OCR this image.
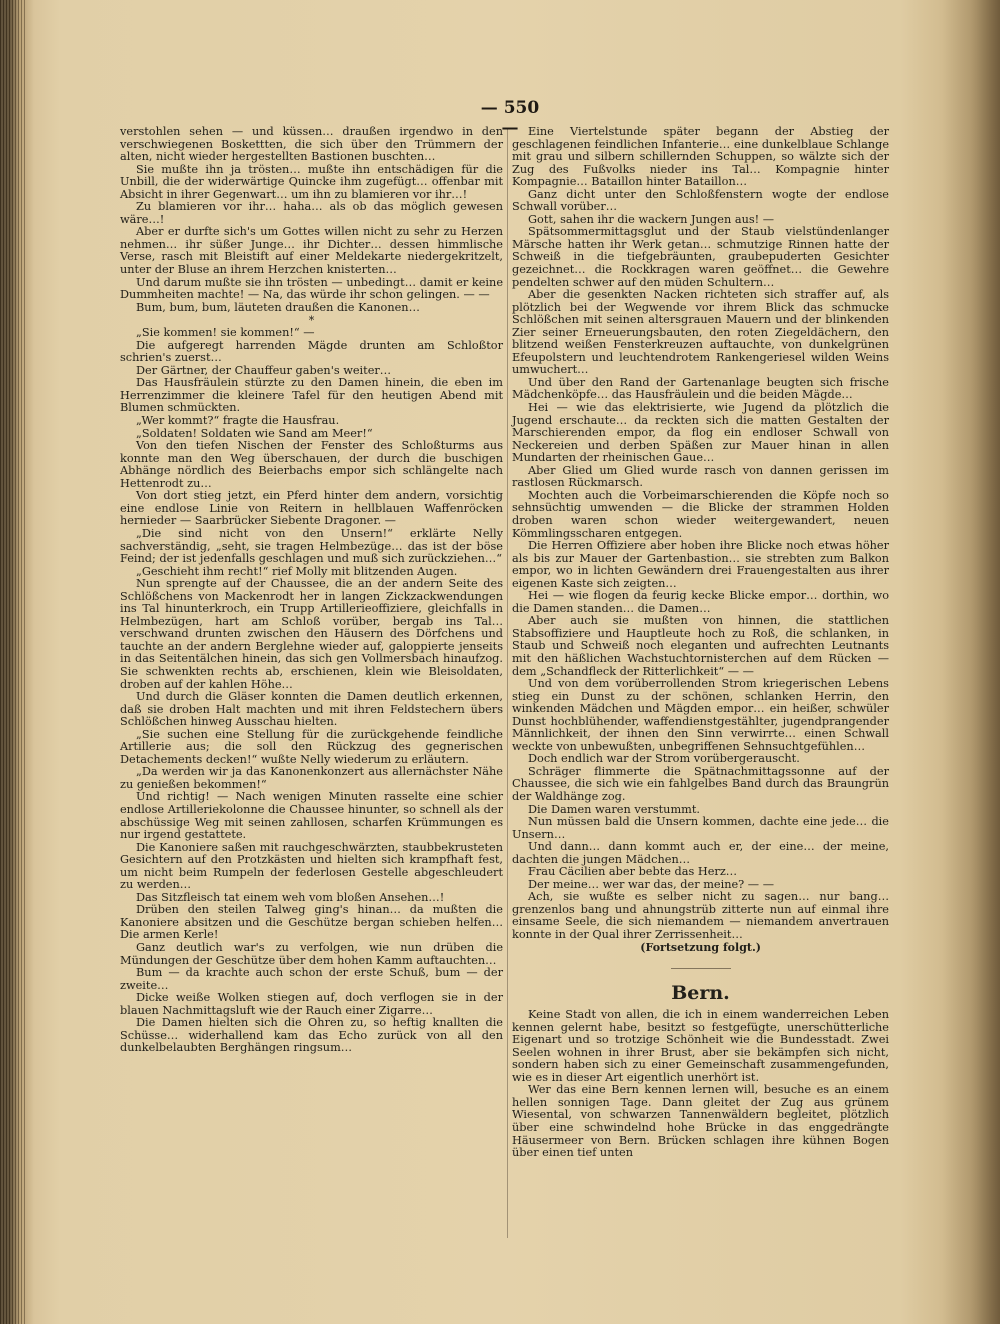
— 550 —

verstohlen sehen — und küssen… draußen irgendwo in den verschwiegenen Boskettten, die sich über den Trümmern der alten, nicht wieder hergestellten Bastionen buschten…

Sie mußte ihn ja trösten… mußte ihn entschädigen für die Unbill, die der widerwärtige Quincke ihm zugefügt… offenbar mit Absicht in ihrer Gegenwart… um ihn zu blamieren vor ihr…!

Zu blamieren vor ihr… haha… als ob das möglich gewesen wäre…!

Aber er durfte sich's um Gottes willen nicht zu sehr zu Herzen nehmen… ihr süßer Junge… ihr Dichter… dessen himmlische Verse, rasch mit Bleistift auf einer Meldekarte niedergekritzelt, unter der Bluse an ihrem Herzchen knisterten…

Und darum mußte sie ihn trösten — unbedingt… damit er keine Dummheiten machte! — Na, das würde ihr schon gelingen. — —

Bum, bum, bum, läuteten draußen die Kanonen…

*

„Sie kommen! sie kommen!“ —

Die aufgeregt harrenden Mägde drunten am Schloßtor schrien's zuerst…

Der Gärtner, der Chauffeur gaben's weiter…

Das Hausfräulein stürzte zu den Damen hinein, die eben im Herrenzimmer die kleinere Tafel für den heutigen Abend mit Blumen schmückten.

„Wer kommt?“ fragte die Hausfrau.

„Soldaten! Soldaten wie Sand am Meer!“

Von den tiefen Nischen der Fenster des Schloßturms aus konnte man den Weg überschauen, der durch die buschigen Abhänge nördlich des Beierbachs empor sich schlängelte nach Hettenrodt zu…

Von dort stieg jetzt, ein Pferd hinter dem andern, vorsichtig eine endlose Linie von Reitern in hellblauen Waffenröcken hernieder — Saarbrücker Siebente Dragoner. —

„Die sind nicht von den Unsern!“ erklärte Nelly sachverständig, „seht, sie tragen Helmbezüge… das ist der böse Feind; der ist jedenfalls geschlagen und muß sich zurückziehen…“

„Geschieht ihm recht!“ rief Molly mit blitzenden Augen.

Nun sprengte auf der Chaussee, die an der andern Seite des Schlößchens von Mackenrodt her in langen Zickzackwendungen ins Tal hinunterkroch, ein Trupp Artillerieoffiziere, gleichfalls in Helmbezügen, hart am Schloß vorüber, bergab ins Tal… verschwand drunten zwischen den Häusern des Dörfchens und tauchte an der andern Berglehne wieder auf, galoppierte jenseits in das Seitentälchen hinein, das sich gen Vollmersbach hinaufzog. Sie schwenkten rechts ab, erschienen, klein wie Bleisoldaten, droben auf der kahlen Höhe…

Und durch die Gläser konnten die Damen deutlich erkennen, daß sie droben Halt machten und mit ihren Feldstechern übers Schlößchen hinweg Ausschau hielten.

„Sie suchen eine Stellung für die zurückgehende feindliche Artillerie aus; die soll den Rückzug des gegnerischen Detachements decken!“ wußte Nelly wiederum zu erläutern.

„Da werden wir ja das Kanonenkonzert aus allernächster Nähe zu genießen bekommen!“

Und richtig! — Nach wenigen Minuten rasselte eine schier endlose Artilleriekolonne die Chaussee hinunter, so schnell als der abschüssige Weg mit seinen zahllosen, scharfen Krümmungen es nur irgend gestattete.

Die Kanoniere saßen mit rauchgeschwärzten, staubbekrusteten Gesichtern auf den Protzkästen und hielten sich krampfhaft fest, um nicht beim Rumpeln der federlosen Gestelle abgeschleudert zu werden…

Das Sitzfleisch tat einem weh vom bloßen Ansehen…!

Drüben den steilen Talweg ging's hinan… da mußten die Kanoniere absitzen und die Geschütze bergan schieben helfen… Die armen Kerle!

Ganz deutlich war's zu verfolgen, wie nun drüben die Mündungen der Geschütze über dem hohen Kamm auftauchten…

Bum — da krachte auch schon der erste Schuß, bum — der zweite…

Dicke weiße Wolken stiegen auf, doch verflogen sie in der blauen Nachmittagsluft wie der Rauch einer Zigarre…

Die Damen hielten sich die Ohren zu, so heftig knallten die Schüsse… widerhallend kam das Echo zurück von all den dunkelbelaubten Berghängen ringsum…

Eine Viertelstunde später begann der Abstieg der geschlagenen feindlichen Infanterie… eine dunkelblaue Schlange mit grau und silbern schillernden Schuppen, so wälzte sich der Zug des Fußvolks nieder ins Tal… Kompagnie hinter Kompagnie… Bataillon hinter Bataillon…

Ganz dicht unter den Schloßfenstern wogte der endlose Schwall vorüber…

Gott, sahen ihr die wackern Jungen aus! —

Spätsommermittagsglut und der Staub vielstündenlanger Märsche hatten ihr Werk getan… schmutzige Rinnen hatte der Schweiß in die tiefgebräunten, graubepuderten Gesichter gezeichnet… die Rockkragen waren geöffnet… die Gewehre pendelten schwer auf den müden Schultern…

Aber die gesenkten Nacken richteten sich straffer auf, als plötzlich bei der Wegwende vor ihrem Blick das schmucke Schlößchen mit seinen altersgrauen Mauern und der blinkenden Zier seiner Erneuerungsbauten, den roten Ziegeldächern, den blitzend weißen Fensterkreuzen auftauchte, von dunkelgrünen Efeupolstern und leuchtendrotem Rankengeriesel wilden Weins umwuchert…

Und über den Rand der Gartenanlage beugten sich frische Mädchenköpfe… das Hausfräulein und die beiden Mägde…

Hei — wie das elektrisierte, wie Jugend da plötzlich die Jugend erschaute… da reckten sich die matten Gestalten der Marschierenden empor, da flog ein endloser Schwall von Neckereien und derben Späßen zur Mauer hinan in allen Mundarten der rheinischen Gaue…

Aber Glied um Glied wurde rasch von dannen gerissen im rastlosen Rückmarsch.

Mochten auch die Vorbeimarschierenden die Köpfe noch so sehnsüchtig umwenden — die Blicke der strammen Holden droben waren schon wieder weitergewandert, neuen Kömmlingsscharen entgegen.

Die Herren Offiziere aber hoben ihre Blicke noch etwas höher als bis zur Mauer der Gartenbastion… sie strebten zum Balkon empor, wo in lichten Gewändern drei Frauengestalten aus ihrer eigenen Kaste sich zeigten…

Hei — wie flogen da feurig kecke Blicke empor… dorthin, wo die Damen standen… die Damen…

Aber auch sie mußten von hinnen, die stattlichen Stabsoffiziere und Hauptleute hoch zu Roß, die schlanken, in Staub und Schweiß noch eleganten und aufrechten Leutnants mit den häßlichen Wachstuchtornisterchen auf dem Rücken — dem „Schandfleck der Ritterlichkeit“ — —

Und von dem vorüberrollenden Strom kriegerischen Lebens stieg ein Dunst zu der schönen, schlanken Herrin, den winkenden Mädchen und Mägden empor… ein heißer, schwüler Dunst hochblühender, waffendienstgestählter, jugendprangender Männlichkeit, der ihnen den Sinn verwirrte… einen Schwall weckte von unbewußten, unbegriffenen Sehnsuchtgefühlen…

Doch endlich war der Strom vorübergerauscht.

Schräger flimmerte die Spätnachmittagssonne auf der Chaussee, die sich wie ein fahlgelbes Band durch das Braungrün der Waldhänge zog.

Die Damen waren verstummt.

Nun müssen bald die Unsern kommen, dachte eine jede… die Unsern…

Und dann… dann kommt auch er, der eine… der meine, dachten die jungen Mädchen…

Frau Cäcilien aber bebte das Herz…

Der meine… wer war das, der meine? — —

Ach, sie wußte es selber nicht zu sagen… nur bang… grenzenlos bang und ahnungstrüb zitterte nun auf einmal ihre einsame Seele, die sich niemandem — niemandem anvertrauen konnte in der Qual ihrer Zerrissenheit…

(Fortsetzung folgt.)

Bern.

Keine Stadt von allen, die ich in einem wanderreichen Leben kennen gelernt habe, besitzt so festgefügte, unerschütterliche Eigenart und so trotzige Schönheit wie die Bundesstadt. Zwei Seelen wohnen in ihrer Brust, aber sie bekämpfen sich nicht, sondern haben sich zu einer Gemeinschaft zusammengefunden, wie es in dieser Art eigentlich unerhört ist.

Wer das eine Bern kennen lernen will, besuche es an einem hellen sonnigen Tage. Dann gleitet der Zug aus grünem Wiesental, von schwarzen Tannenwäldern begleitet, plötzlich über eine schwindelnd hohe Brücke in das enggedrängte Häusermeer von Bern. Brücken schlagen ihre kühnen Bogen über einen tief unten
